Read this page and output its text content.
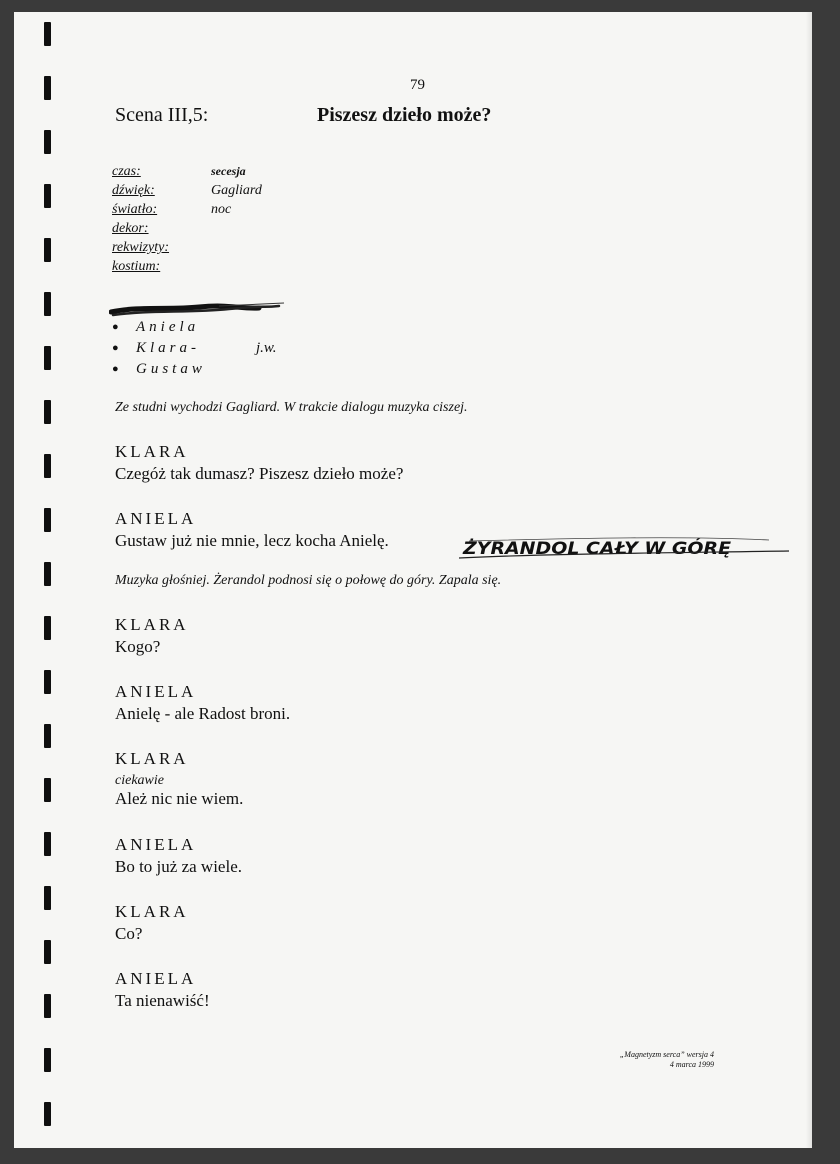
79
Scena III,5:	Piszesz dzieło może?
czas:	secesja
dźwięk:	Gagliard
światło:	noc
dekor:
rekwizyty:
kostium:
●	Aniela
●	Klara-	j.w.
●	Gustaw
Ze studni wychodzi Gagliard. W trakcie dialogu muzyka ciszej.
KLARA
Czegóż tak dumasz? Piszesz dzieło może?
ANIELA
Gustaw już nie mnie, lecz kocha Anielę.	ŻYRANDOL CAŁY W GÓRĘ
Muzyka głośniej. Żerandol podnosi się o połowę do góry. Zapala się.
KLARA
Kogo?
ANIELA
Anielę - ale Radost broni.
KLARA
ciekawie
Ależ nic nie wiem.
ANIELA
Bo to już za wiele.
KLARA
Co?
ANIELA
Ta nienawiść!
„Magnetyzm serca” wersja 4
4 marca 1999
